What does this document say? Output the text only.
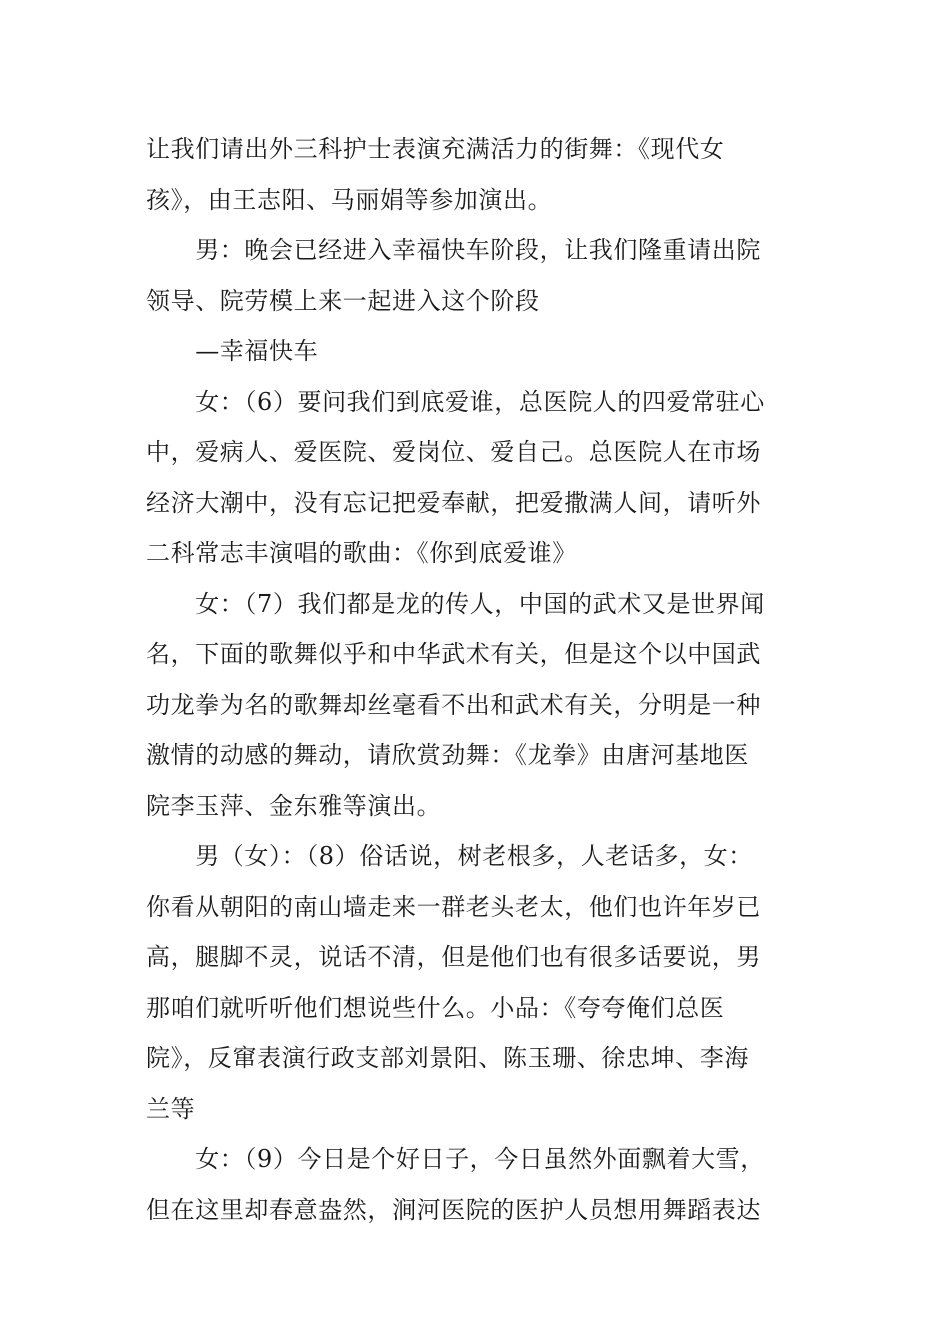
让我们请出外三科护士表演充满活力的街舞：《现代女
孩》，由王志阳、马丽娟等参加演出。

　　男：晚会已经进入幸福快车阶段，让我们隆重请出院
领导、院劳模上来一起进入这个阶段

　　—幸福快车

　　女：（6）要问我们到底爱谁，总医院人的四爱常驻心
中，爱病人、爱医院、爱岗位、爱自己。总医院人在市场
经济大潮中，没有忘记把爱奉献，把爱撒满人间，请听外
二科常志丰演唱的歌曲：《你到底爱谁》

　　女：（7）我们都是龙的传人，中国的武术又是世界闻
名，下面的歌舞似乎和中华武术有关，但是这个以中国武
功龙拳为名的歌舞却丝毫看不出和武术有关，分明是一种
激情的动感的舞动，请欣赏劲舞：《龙拳》由唐河基地医
院李玉萍、金东雅等演出。

　　男（女）：（8）俗话说，树老根多，人老话多，女：
你看从朝阳的南山墙走来一群老头老太，他们也许年岁已
高，腿脚不灵，说话不清，但是他们也有很多话要说，男
那咱们就听听他们想说些什么。小品：《夸夸俺们总医
院》，反窜表演行政支部刘景阳、陈玉珊、徐忠坤、李海
兰等

　　女：（9）今日是个好日子，今日虽然外面飘着大雪，
但在这里却春意盎然，涧河医院的医护人员想用舞蹈表达
